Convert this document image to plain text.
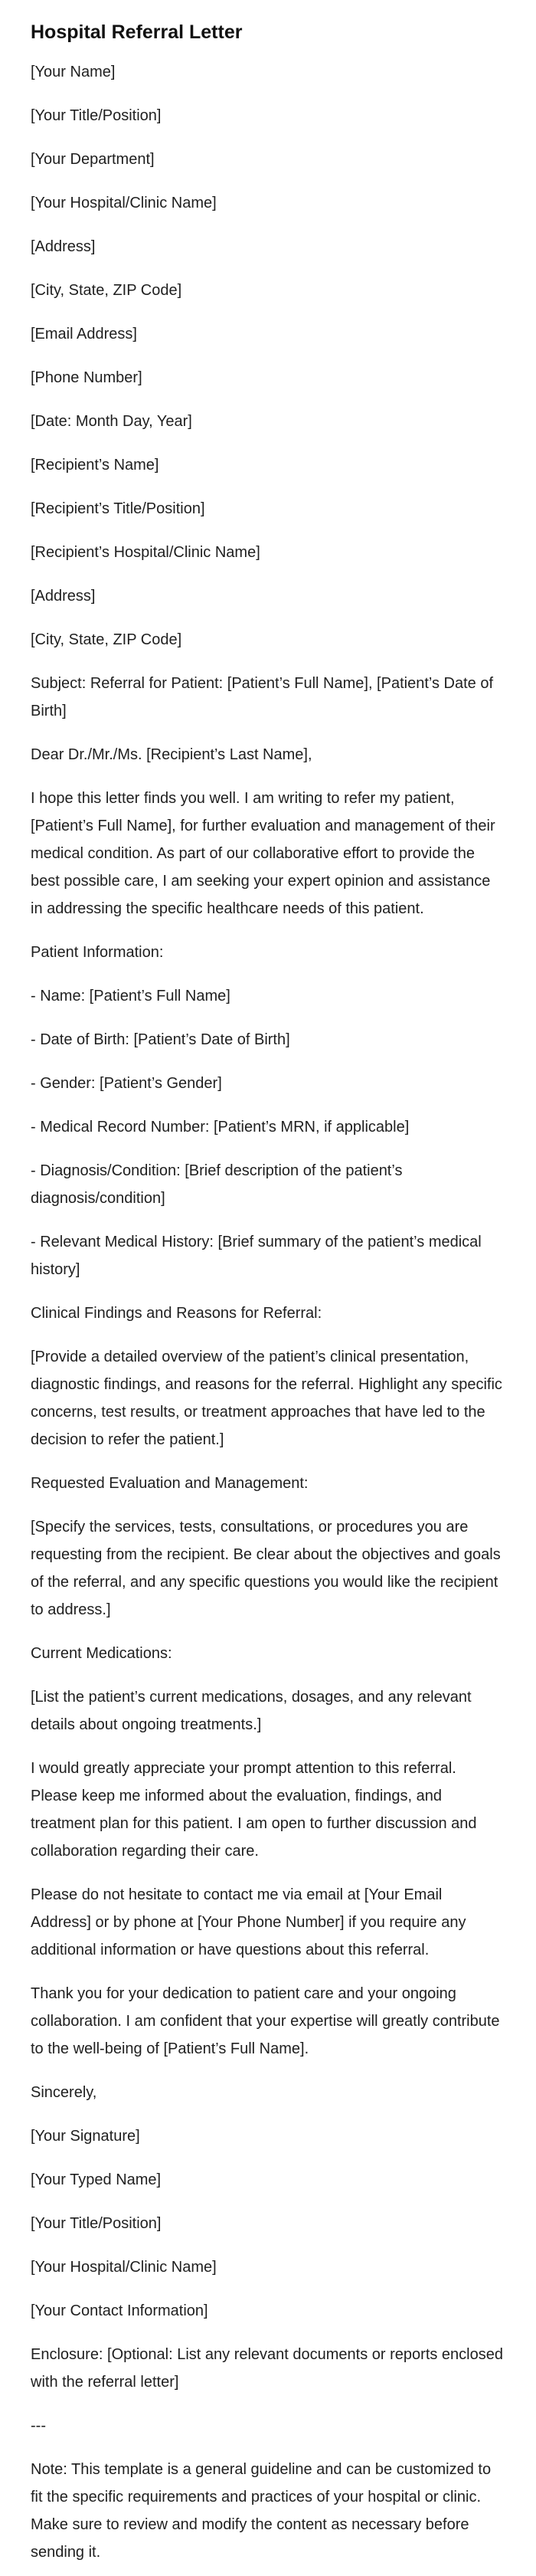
Hospital Referral Letter

[Your Name]

[Your Title/Position]

[Your Department]

[Your Hospital/Clinic Name]

[Address]

[City, State, ZIP Code]

[Email Address]

[Phone Number]

[Date: Month Day, Year]

[Recipient’s Name]

[Recipient’s Title/Position]

[Recipient’s Hospital/Clinic Name]

[Address]

[City, State, ZIP Code]

Subject: Referral for Patient: [Patient’s Full Name], [Patient’s Date of Birth]

Dear Dr./Mr./Ms. [Recipient’s Last Name],

I hope this letter finds you well. I am writing to refer my patient, [Patient’s Full Name], for further evaluation and management of their medical condition. As part of our collaborative effort to provide the best possible care, I am seeking your expert opinion and assistance in addressing the specific healthcare needs of this patient.

Patient Information:

- Name: [Patient’s Full Name]

- Date of Birth: [Patient’s Date of Birth]

- Gender: [Patient’s Gender]

- Medical Record Number: [Patient’s MRN, if applicable]

- Diagnosis/Condition: [Brief description of the patient’s diagnosis/condition]

- Relevant Medical History: [Brief summary of the patient’s medical history]

Clinical Findings and Reasons for Referral:

[Provide a detailed overview of the patient’s clinical presentation, diagnostic findings, and reasons for the referral. Highlight any specific concerns, test results, or treatment approaches that have led to the decision to refer the patient.]

Requested Evaluation and Management:

[Specify the services, tests, consultations, or procedures you are requesting from the recipient. Be clear about the objectives and goals of the referral, and any specific questions you would like the recipient to address.]

Current Medications:

[List the patient’s current medications, dosages, and any relevant details about ongoing treatments.]

I would greatly appreciate your prompt attention to this referral. Please keep me informed about the evaluation, findings, and treatment plan for this patient. I am open to further discussion and collaboration regarding their care.

Please do not hesitate to contact me via email at [Your Email Address] or by phone at [Your Phone Number] if you require any additional information or have questions about this referral.

Thank you for your dedication to patient care and your ongoing collaboration. I am confident that your expertise will greatly contribute to the well-being of [Patient’s Full Name].

Sincerely,

[Your Signature]

[Your Typed Name]

[Your Title/Position]

[Your Hospital/Clinic Name]

[Your Contact Information]

Enclosure: [Optional: List any relevant documents or reports enclosed with the referral letter]

---

Note: This template is a general guideline and can be customized to fit the specific requirements and practices of your hospital or clinic. Make sure to review and modify the content as necessary before sending it.
